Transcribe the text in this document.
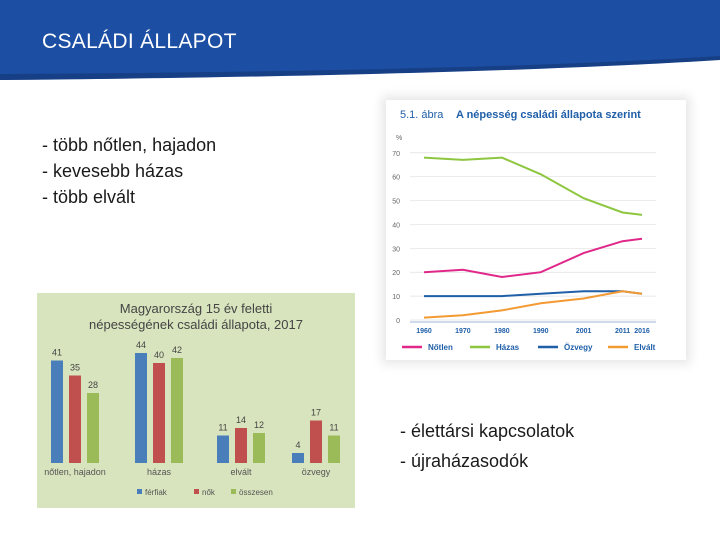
CSALÁDI ÁLLAPOT
- több nőtlen, hajadon
- kevesebb házas
- több elvált
5.1. ábra A népesség családi állapota szerint
%
0
10
20
30
40
50
60
70
1960	1970	1980	1990	2001	2011 2016
Nőtlen	Házas	Özvegy	Elvált
Magyarország 15 év feletti
népességének családi állapota, 2017
41
35
28
nőtlen, hajadon
44
40 42
házas
11
14 12
elvált
4
17
11
özvegy
férfiak	nők	összesen
- élettársi kapcsolatok
- újraházasodók
